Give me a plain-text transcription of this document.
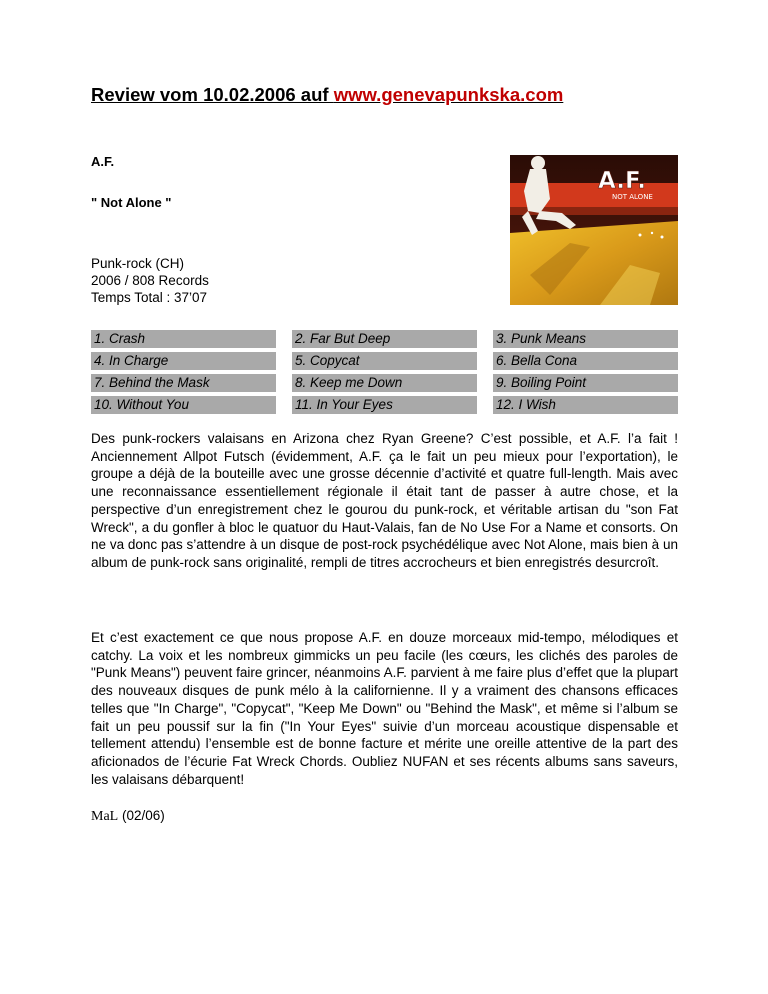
Review vom 10.02.2006 auf www.genevapunkska.com
A.F.
" Not Alone "
Punk-rock (CH)
2006 / 808 Records
Temps Total : 37’07
A.F.
NOT ALONE
1. Crash	2. Far But Deep	3. Punk Means
4. In Charge	5. Copycat	6. Bella Cona
7. Behind the Mask	8. Keep me Down	9. Boiling Point
10. Without You	11. In Your Eyes	12. I Wish

Des punk-rockers valaisans en Arizona chez Ryan Greene? C’est possible, et A.F. l’a fait ! Anciennement Allpot Futsch (évidemment, A.F. ça le fait un peu mieux pour l’exportation), le groupe a déjà de la bouteille avec une grosse décennie d’activité et quatre full-length. Mais avec une reconnaissance essentiellement régionale il était tant de passer à autre chose, et la perspective d’un enregistrement chez le gourou du punk-rock, et véritable artisan du "son Fat Wreck", a du gonfler à bloc le quatuor du Haut-Valais, fan de No Use For a Name et consorts. On ne va donc pas s’attendre à un disque de post-rock psychédélique avec Not Alone, mais bien à un album de punk-rock sans originalité, rempli de titres accrocheurs et bien enregistrés desurcroît.

Et c’est exactement ce que nous propose A.F. en douze morceaux mid-tempo, mélodiques et catchy. La voix et les nombreux gimmicks un peu facile (les cœurs, les clichés des paroles de "Punk Means") peuvent faire grincer, néanmoins A.F. parvient à me faire plus d’effet que la plupart des nouveaux disques de punk mélo à la californienne. Il y a vraiment des chansons efficaces telles que "In Charge", "Copycat", "Keep Me Down" ou "Behind the Mask", et même si l’album se fait un peu poussif sur la fin ("In Your Eyes" suivie d’un morceau acoustique dispensable et tellement attendu) l’ensemble est de bonne facture et mérite une oreille attentive de la part des aficionados de l’écurie Fat Wreck Chords. Oubliez NUFAN et ses récents albums sans saveurs, les valaisans débarquent!

MaL (02/06)
